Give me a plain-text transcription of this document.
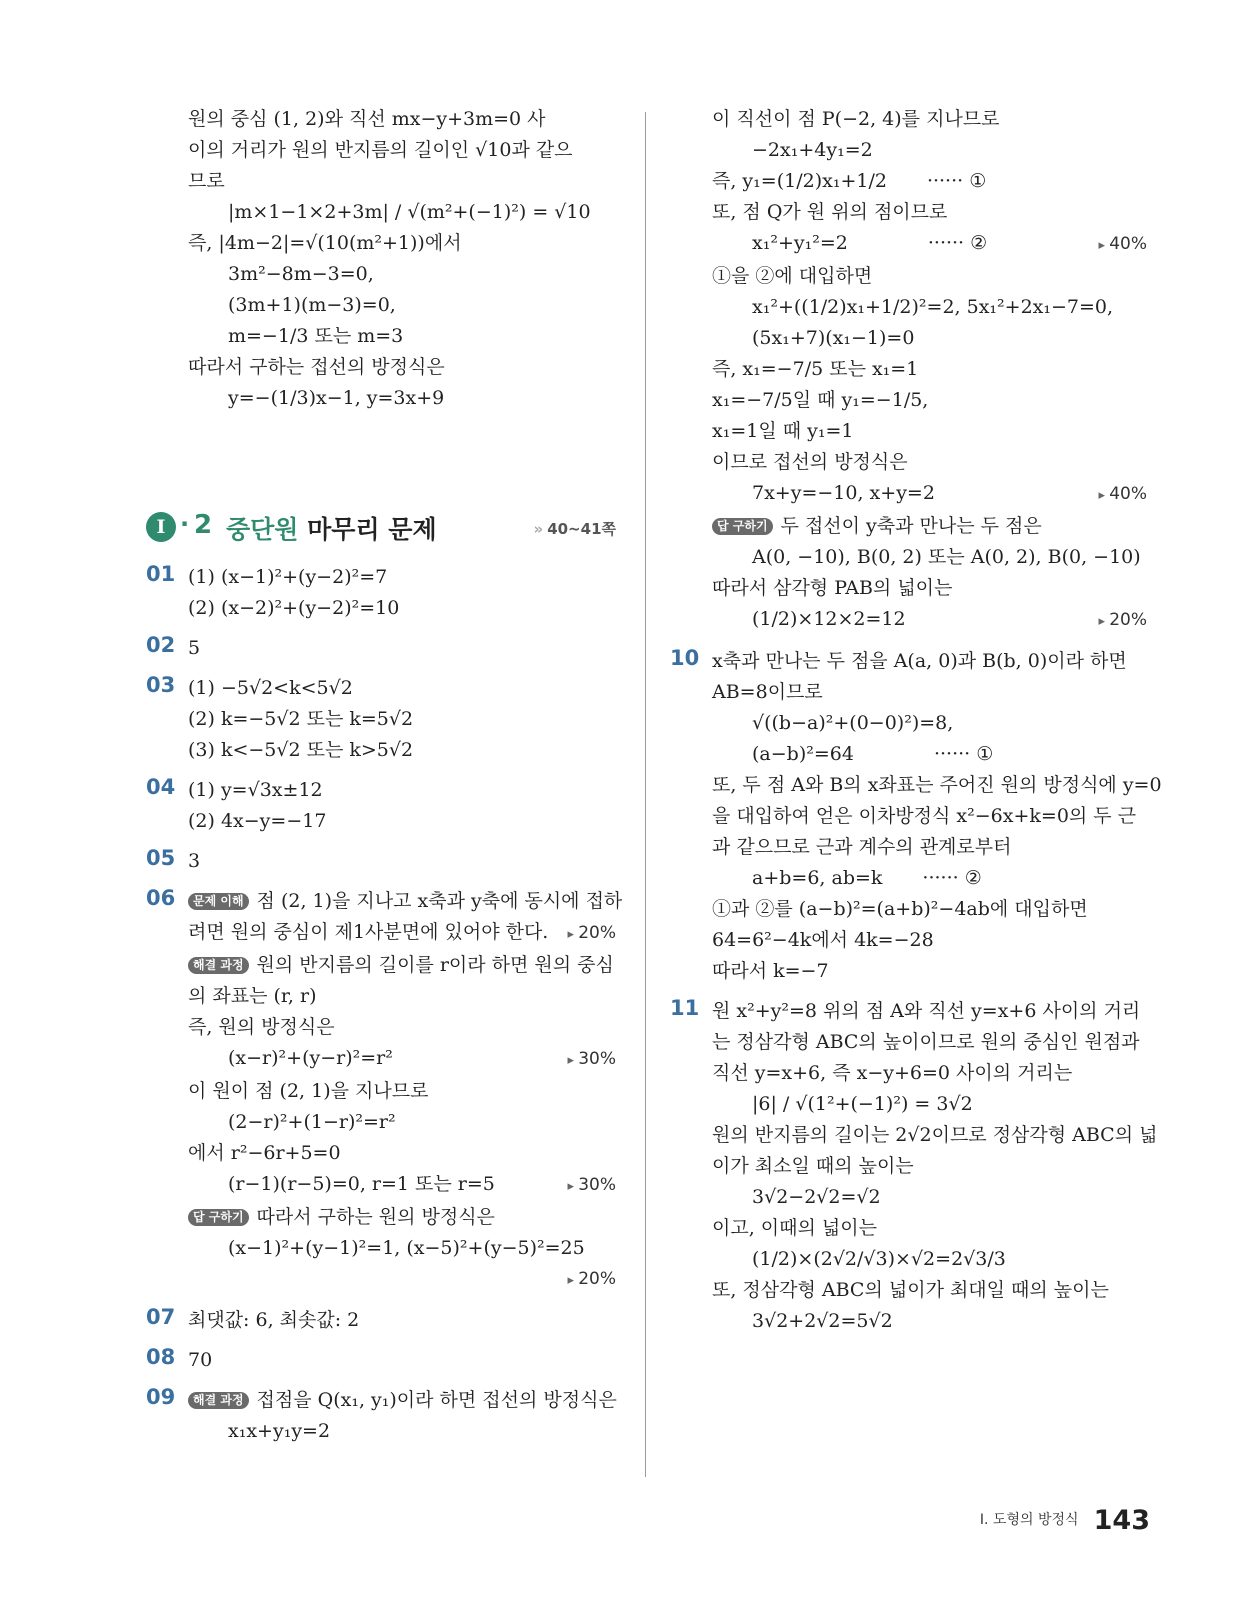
원의 중심 (1, 2)와 직선 mx−y+3m=0 사
이의 거리가 원의 반지름의 길이인 √10과 같으
므로
|m×1−1×2+3m| / √(m²+(−1)²) = √10
즉, |4m−2|=√(10(m²+1))에서
3m²−8m−3=0,
(3m+1)(m−3)=0,
m=−1/3 또는 m=3
따라서 구하는 접선의 방정식은
y=−(1/3)x−1, y=3x+9
I · 2 중단원 마무리 문제	» 40~41쪽
01 (1) (x−1)²+(y−2)²=7
(2) (x−2)²+(y−2)²=10
02 5
03 (1) −5√2<k<5√2
(2) k=−5√2 또는 k=5√2
(3) k<−5√2 또는 k>5√2
04 (1) y=√3x±12
(2) 4x−y=−17
05 3
06	문제 이해 점 (2, 1)을 지나고 x축과 y축에 동시에 접하
려면 원의 중심이 제1사분면에 있어야 한다.	▸ 20%
해결 과정 원의 반지름의 길이를 r이라 하면 원의 중심
의 좌표는 (r, r)
즉, 원의 방정식은
(x−r)²+(y−r)²=r²	▸ 30%
이 원이 점 (2, 1)을 지나므로
(2−r)²+(1−r)²=r²
에서 r²−6r+5=0
(r−1)(r−5)=0, r=1 또는 r=5	▸ 30%
답 구하기 따라서 구하는 원의 방정식은
(x−1)²+(y−1)²=1, (x−5)²+(y−5)²=25
▸ 20%
07 최댓값: 6, 최솟값: 2
08 70
09	해결 과정 접점을 Q(x₁, y₁)이라 하면 접선의 방정식은
x₁x+y₁y=2
이 직선이 점 P(−2, 4)를 지나므로
−2x₁+4y₁=2
즉, y₁=(1/2)x₁+1/2 ······ ①
또, 점 Q가 원 위의 점이므로
x₁²+y₁²=2	······ ②	▸ 40%
①을 ②에 대입하면
x₁²+((1/2)x₁+1/2)²=2, 5x₁²+2x₁−7=0,
(5x₁+7)(x₁−1)=0
즉, x₁=−7/5 또는 x₁=1
x₁=−7/5일 때 y₁=−1/5,
x₁=1일 때 y₁=1
이므로 접선의 방정식은
7x+y=−10, x+y=2	▸ 40%
답 구하기 두 접선이 y축과 만나는 두 점은
A(0, −10), B(0, 2) 또는 A(0, 2), B(0, −10)
따라서 삼각형 PAB의 넓이는
(1/2)×12×2=12	▸ 20%
10 x축과 만나는 두 점을 A(a, 0)과 B(b, 0)이라 하면
AB=8이므로
√((b−a)²+(0−0)²)=8,
(a−b)²=64	······ ①
또, 두 점 A와 B의 x좌표는 주어진 원의 방정식에 y=0
을 대입하여 얻은 이차방정식 x²−6x+k=0의 두 근
과 같으므로 근과 계수의 관계로부터
a+b=6, ab=k ······ ②
①과 ②를 (a−b)²=(a+b)²−4ab에 대입하면
64=6²−4k에서 4k=−28
따라서 k=−7
11 원 x²+y²=8 위의 점 A와 직선 y=x+6 사이의 거리
는 정삼각형 ABC의 높이이므로 원의 중심인 원점과
직선 y=x+6, 즉 x−y+6=0 사이의 거리는
|6| / √(1²+(−1)²) = 3√2
원의 반지름의 길이는 2√2이므로 정삼각형 ABC의 넓
이가 최소일 때의 높이는
3√2−2√2=√2
이고, 이때의 넓이는
(1/2)×(2√2/√3)×√2=2√3/3
또, 정삼각형 ABC의 넓이가 최대일 때의 높이는
3√2+2√2=5√2
I. 도형의 방정식 143
